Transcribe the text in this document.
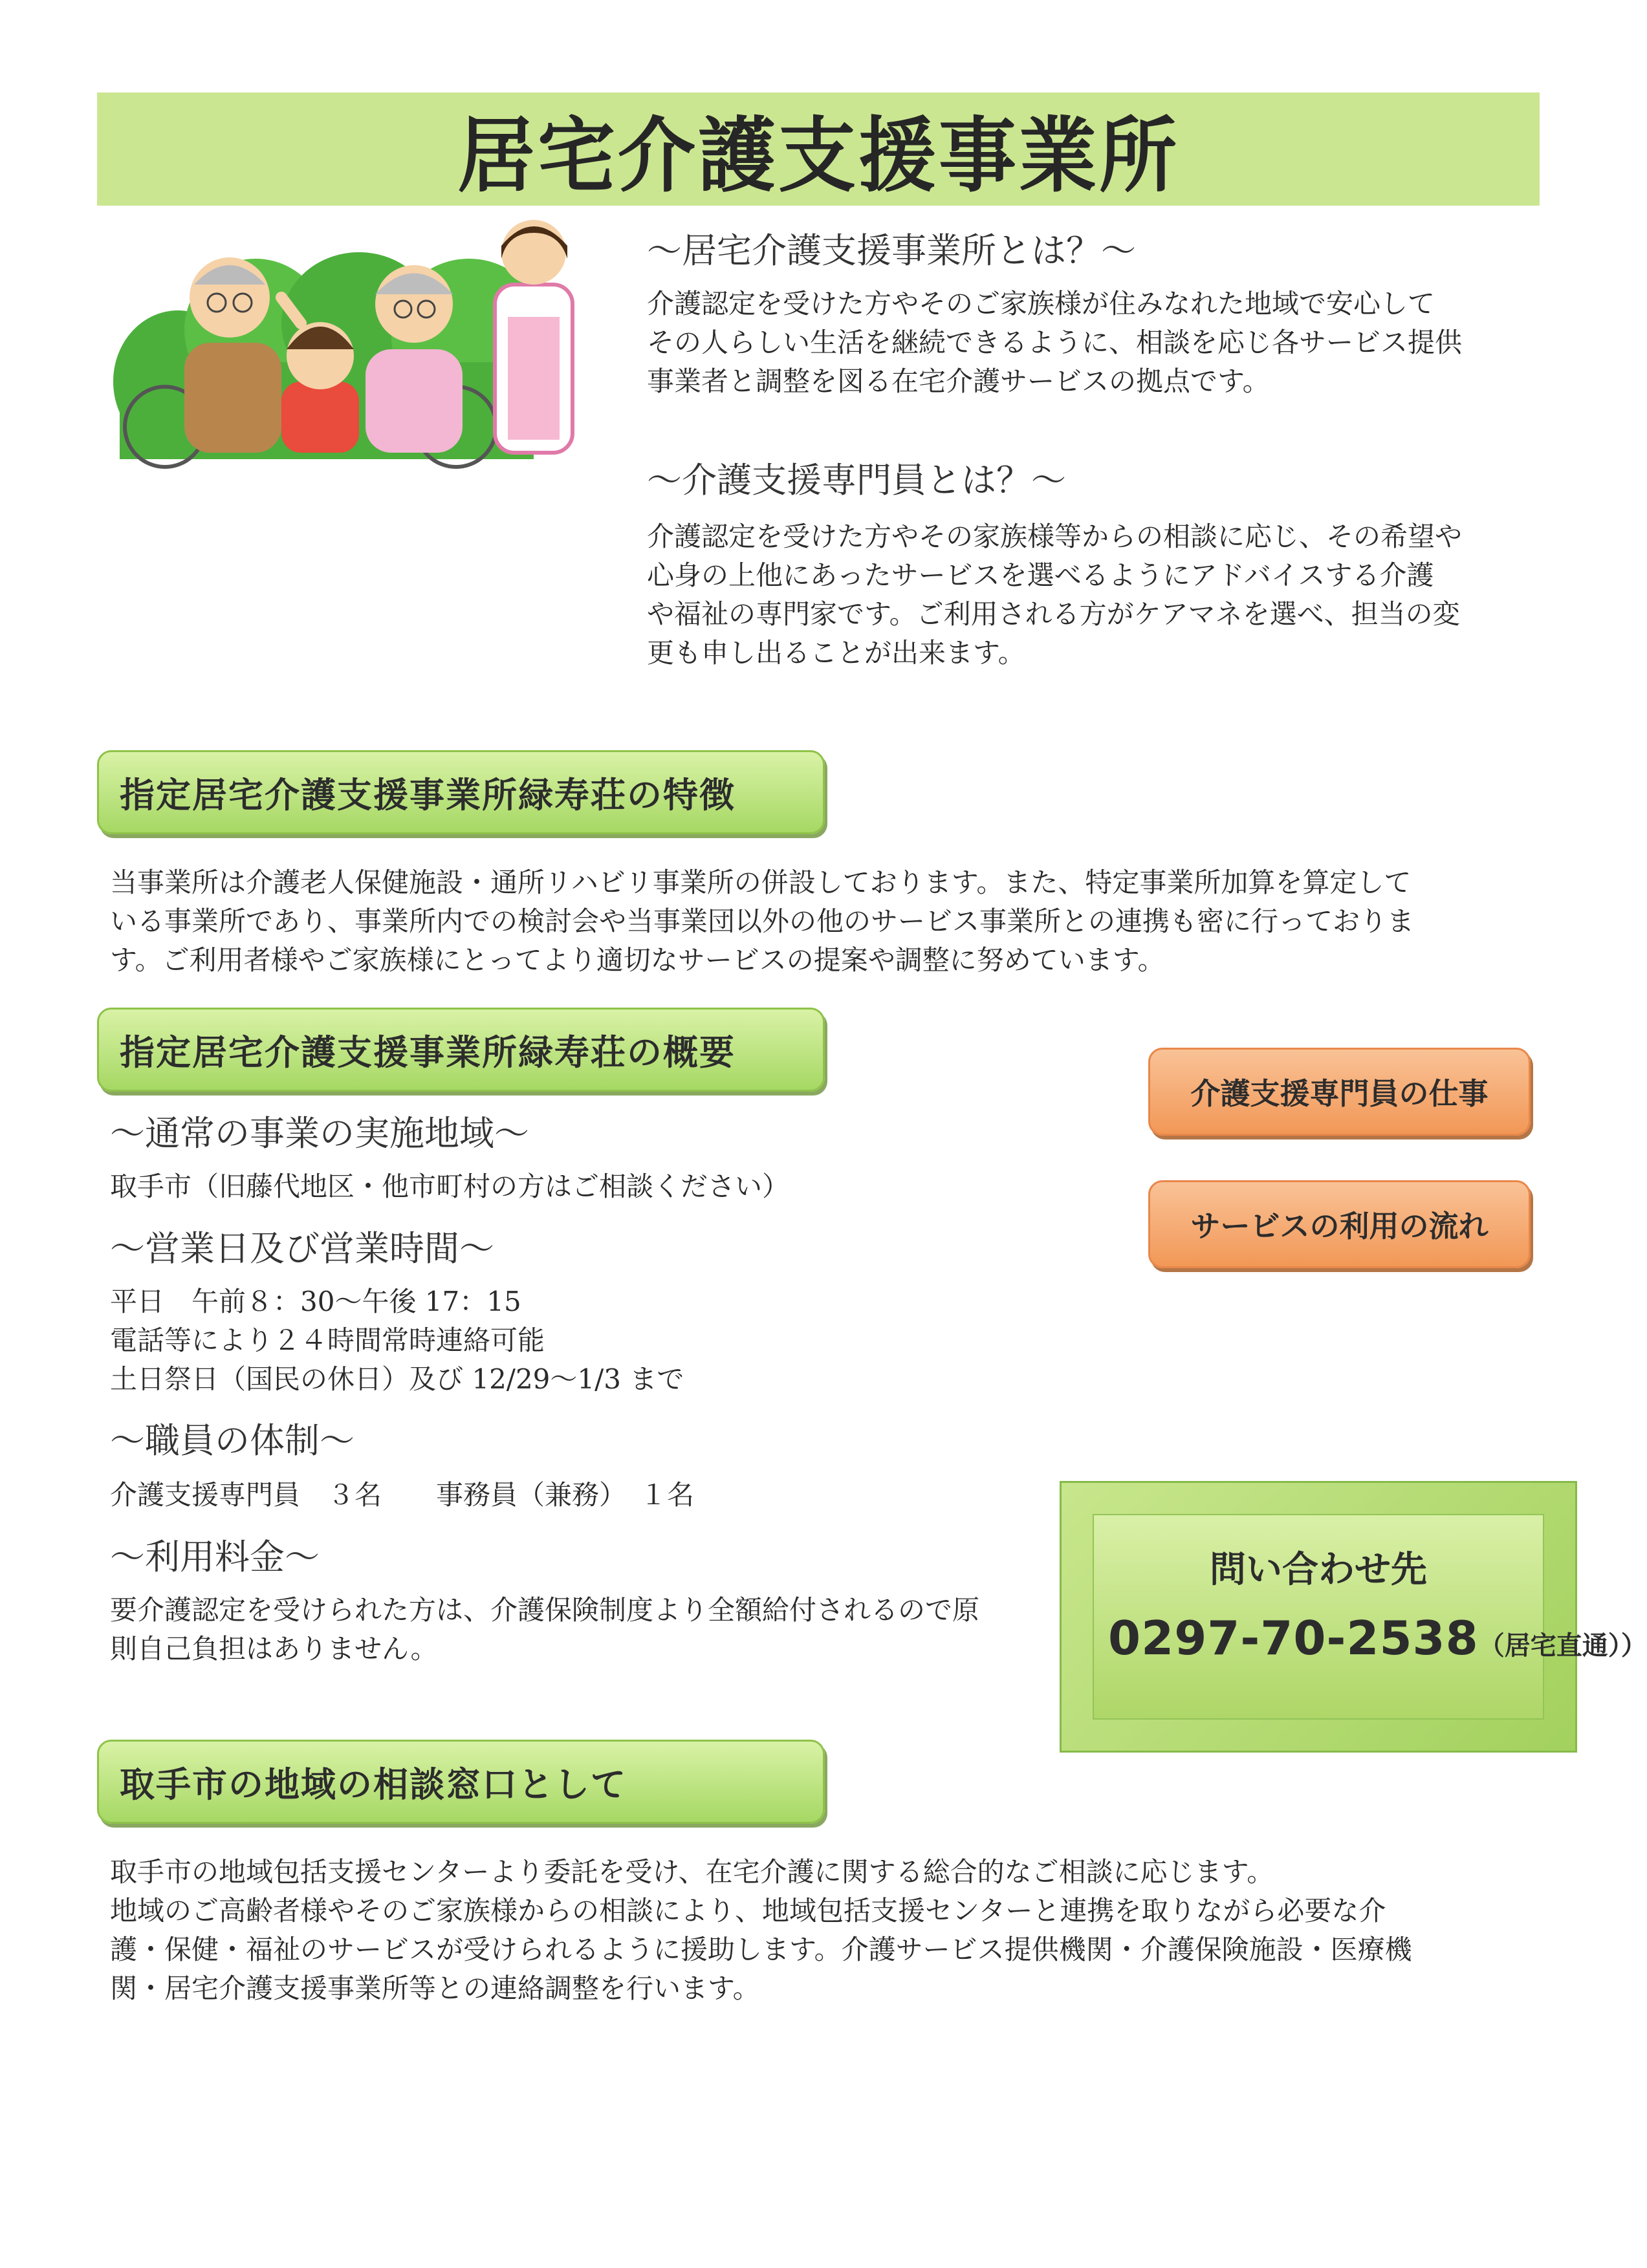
居宅介護支援事業所
～居宅介護支援事業所とは？～
介護認定を受けた方やそのご家族様が住みなれた地域で安心して
その人らしい生活を継続できるように、相談を応じ各サービス提供
事業者と調整を図る在宅介護サービスの拠点です。
～介護支援専門員とは？～
介護認定を受けた方やその家族様等からの相談に応じ、その希望や
心身の上他にあったサービスを選べるようにアドバイスする介護
や福祉の専門家です。ご利用される方がケアマネを選べ、担当の変
更も申し出ることが出来ます。
指定居宅介護支援事業所緑寿荘の特徴
当事業所は介護老人保健施設・通所リハビリ事業所の併設しております。また、特定事業所加算を算定して
いる事業所であり、事業所内での検討会や当事業団以外の他のサービス事業所との連携も密に行っておりま
す。ご利用者様やご家族様にとってより適切なサービスの提案や調整に努めています。
指定居宅介護支援事業所緑寿荘の概要
～通常の事業の実施地域～
取手市（旧藤代地区・他市町村の方はご相談ください）
～営業日及び営業時間～
平日　午前８：30～午後 17：15
電話等により２４時間常時連絡可能
土日祭日（国民の休日）及び 12/29～1/3 まで
～職員の体制～
介護支援専門員　３名　　事務員（兼務）　１名
～利用料金～
要介護認定を受けられた方は、介護保険制度より全額給付されるので原
則自己負担はありません。
介護支援専門員の仕事
サービスの利用の流れ
問い合わせ先
0297-70-2538（居宅直通））
取手市の地域の相談窓口として
取手市の地域包括支援センターより委託を受け、在宅介護に関する総合的なご相談に応じます。
地域のご高齢者様やそのご家族様からの相談により、地域包括支援センターと連携を取りながら必要な介
護・保健・福祉のサービスが受けられるように援助します。介護サービス提供機関・介護保険施設・医療機
関・居宅介護支援事業所等との連絡調整を行います。
